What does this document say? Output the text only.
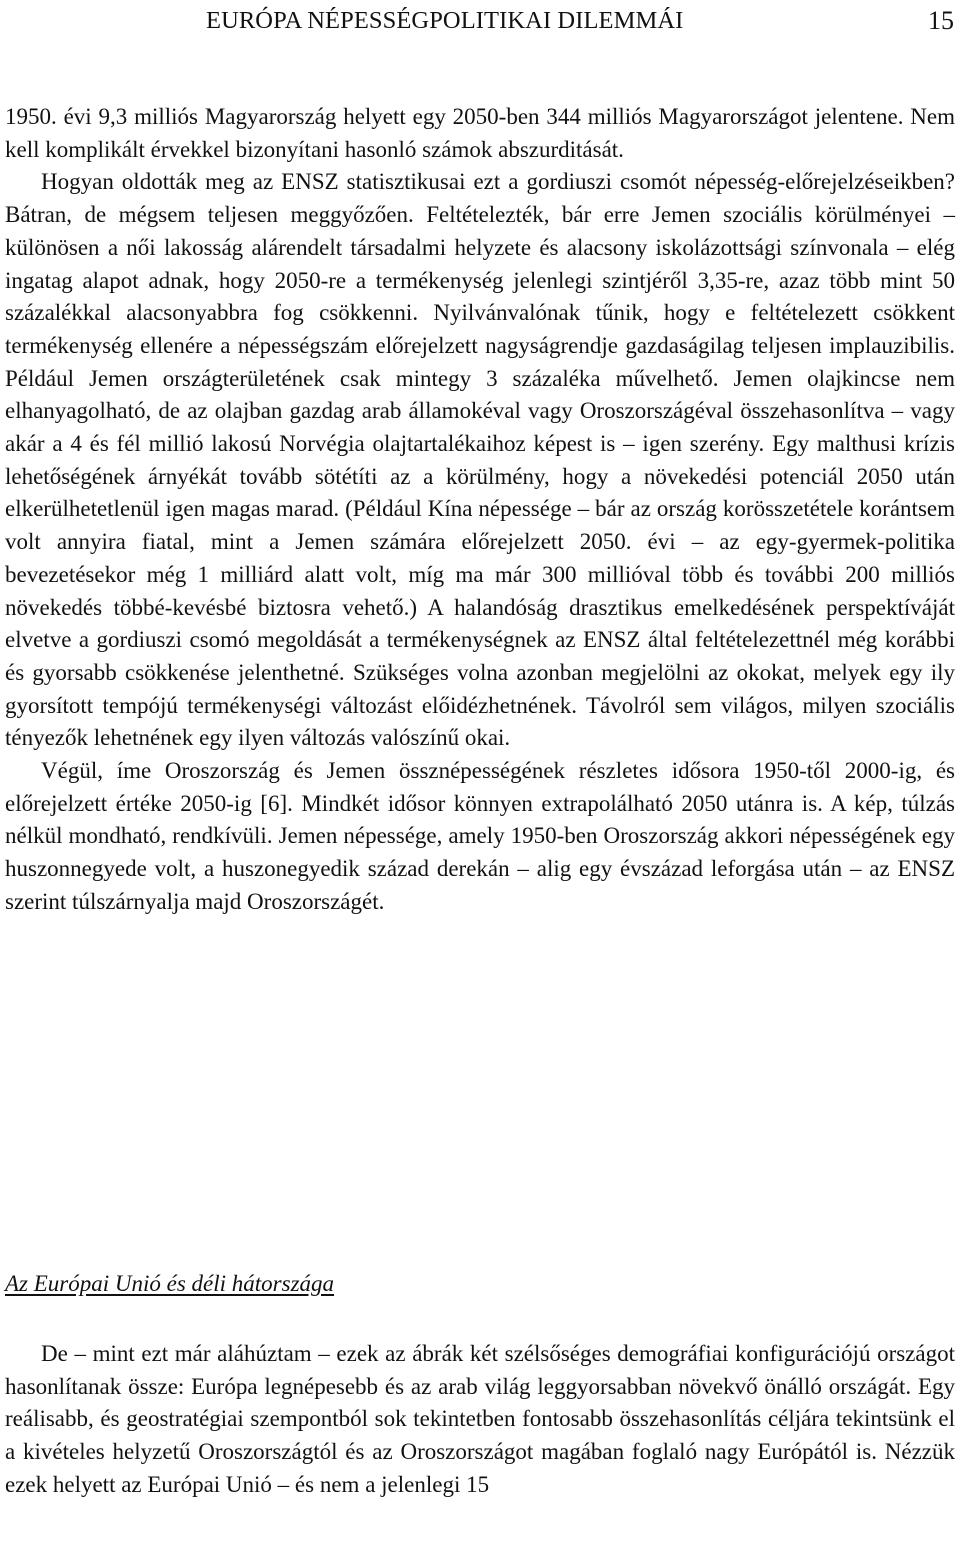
EURÓPA NÉPESSÉGPOLITIKAI DILEMMÁI	15

1950. évi 9,3 milliós Magyarország helyett egy 2050-ben 344 milliós Magyarországot jelentene. Nem kell komplikált érvekkel bizonyítani hasonló számok abszurditását.

Hogyan oldották meg az ENSZ statisztikusai ezt a gordiuszi csomót népesség-előrejelzéseikben? Bátran, de mégsem teljesen meggyőzően. Feltételezték, bár erre Jemen szociális körülményei – különösen a női lakosság alárendelt társadalmi helyzete és alacsony iskolázottsági színvonala – elég ingatag alapot adnak, hogy 2050-re a termékenység jelenlegi szintjéről 3,35-re, azaz több mint 50 százalékkal alacsonyabbra fog csökkenni. Nyilvánvalónak tűnik, hogy e feltételezett csökkent termékenység ellenére a népességszám előrejelzett nagyságrendje gazdaságilag teljesen implauzibilis. Például Jemen országterületének csak mintegy 3 százaléka művelhető. Jemen olajkincse nem elhanyagolható, de az olajban gazdag arab államokéval vagy Oroszországéval összehasonlítva – vagy akár a 4 és fél millió lakosú Norvégia olajtartalékaihoz képest is – igen szerény. Egy malthusi krízis lehetőségének árnyékát tovább sötétíti az a körülmény, hogy a növekedési potenciál 2050 után elkerülhetetlenül igen magas marad. (Például Kína népessége – bár az ország korösszetétele korántsem volt annyira fiatal, mint a Jemen számára előrejelzett 2050. évi – az egy-gyermek-politika bevezetésekor még 1 milliárd alatt volt, míg ma már 300 millióval több és további 200 milliós növekedés többé-kevésbé biztosra vehető.) A halandóság drasztikus emelkedésének perspektíváját elvetve a gordiuszi csomó megoldását a termékenységnek az ENSZ által feltételezettnél még korábbi és gyorsabb csökkenése jelenthetné. Szükséges volna azonban megjelölni az okokat, melyek egy ily gyorsított tempójú termékenységi változást előidézhetnének. Távolról sem világos, milyen szociális tényezők lehetnének egy ilyen változás valószínű okai.

Végül, íme Oroszország és Jemen össznépességének részletes idősora 1950-től 2000-ig, és előrejelzett értéke 2050-ig [6]. Mindkét idősor könnyen extrapolálható 2050 utánra is. A kép, túlzás nélkül mondható, rendkívüli. Jemen népessége, amely 1950-ben Oroszország akkori népességének egy huszonnegyede volt, a huszonegyedik század derekán – alig egy évszázad leforgása után – az ENSZ szerint túlszárnyalja majd Oroszországét.

Az Európai Unió és déli hátországa

De – mint ezt már aláhúztam – ezek az ábrák két szélsőséges demográfiai konfigurációjú országot hasonlítanak össze: Európa legnépesebb és az arab világ leggyorsabban növekvő önálló országát. Egy reálisabb, és geostratégiai szempontból sok tekintetben fontosabb összehasonlítás céljára tekintsünk el a kivételes helyzetű Oroszországtól és az Oroszországot magában foglaló nagy Európától is. Nézzük ezek helyett az Európai Unió – és nem a jelenlegi 15
